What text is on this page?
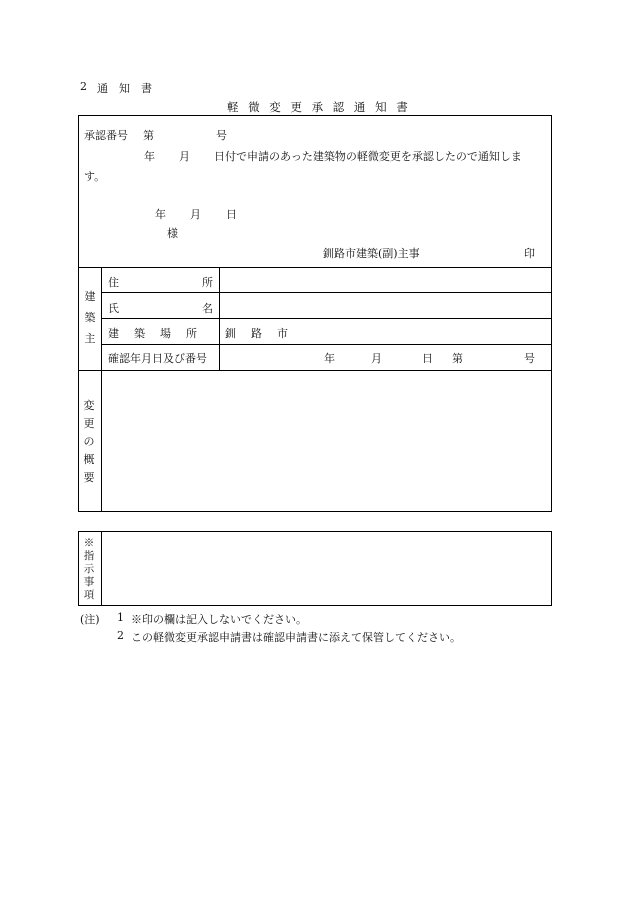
2 通　知　書
軽 微 変 更 承 認 通 知 書
承認番号 第	号
年 月 日付で申請のあった建築物の軽微変更を承認したので通知しま
す。
年 月 日
様
釧路市建築(副)主事	印
建築主
住	所
氏	名
建　築　場　所 釧　路　市
確認年月日及び番号	年	月	日 第	号
変更の概要
※指示事項
(注) 1 ※印の欄は記入しないでください。
2 この軽微変更承認申請書は確認申請書に添えて保管してください。
